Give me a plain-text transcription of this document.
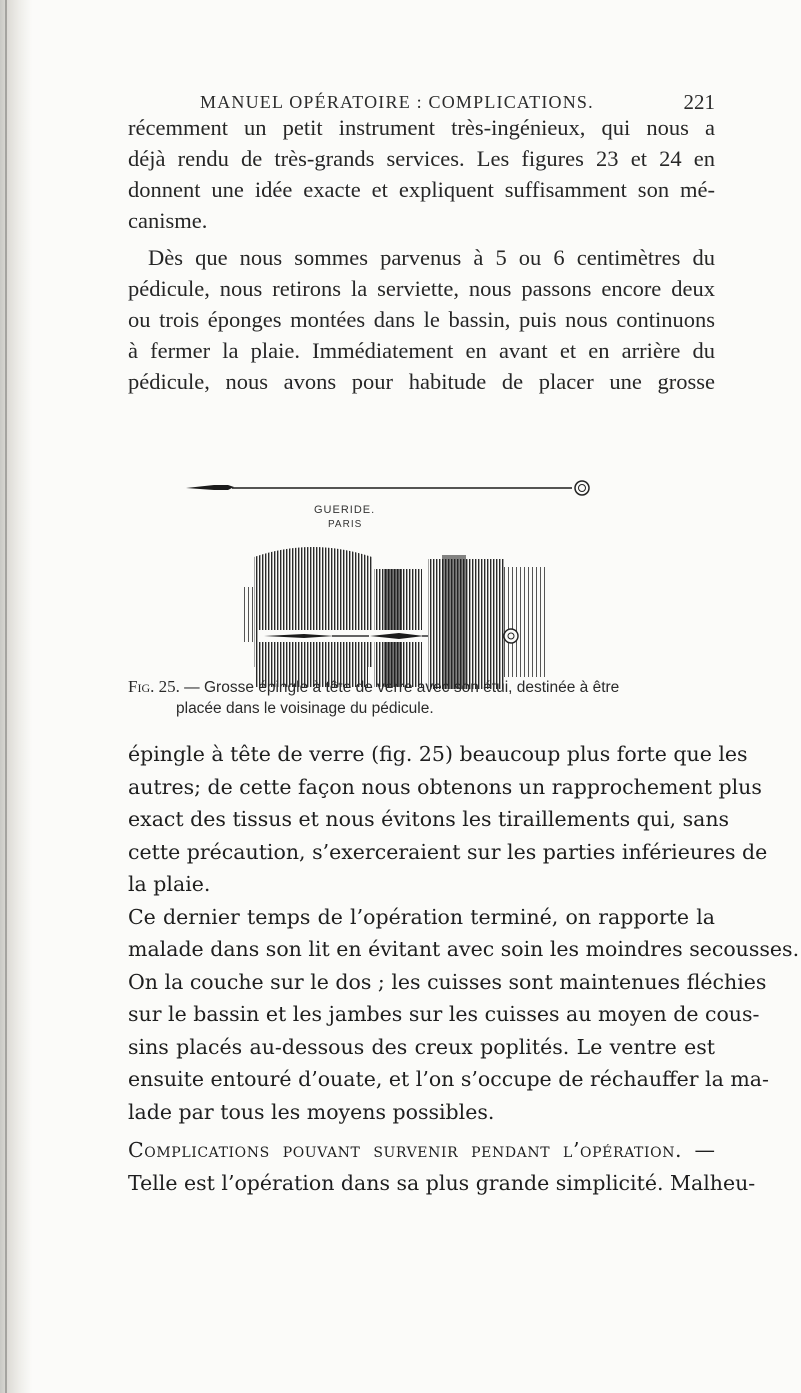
MANUEL OPÉRATOIRE : COMPLICATIONS.	221

récemment un petit instrument très-ingénieux, qui nous a
déjà rendu de très-grands services. Les figures 23 et 24 en
donnent une idée exacte et expliquent suffisamment son mé-
canisme.

Dès que nous sommes parvenus à 5 ou 6 centimètres du
pédicule, nous retirons la serviette, nous passons encore deux
ou trois éponges montées dans le bassin, puis nous continuons
à fermer la plaie. Immédiatement en avant et en arrière du
pédicule, nous avons pour habitude de placer une grosse

GUERIDE.
PARIS
Fig. 25. — Grosse épingle à tête de verre avec son étui, destinée à être
placée dans le voisinage du pédicule.
épingle à tête de verre (fig. 25) beaucoup plus forte que les
autres; de cette façon nous obtenons un rapprochement plus
exact des tissus et nous évitons les tiraillements qui, sans
cette précaution, s’exerceraient sur les parties inférieures de
la plaie.
Ce dernier temps de l’opération terminé, on rapporte la
malade dans son lit en évitant avec soin les moindres secousses.
On la couche sur le dos ; les cuisses sont maintenues fléchies
sur le bassin et les jambes sur les cuisses au moyen de cous-
sins placés au-dessous des creux poplités. Le ventre est
ensuite entouré d’ouate, et l’on s’occupe de réchauffer la ma-
lade par tous les moyens possibles.
Complications pouvant survenir pendant l’opération. —
Telle est l’opération dans sa plus grande simplicité. Malheu-
